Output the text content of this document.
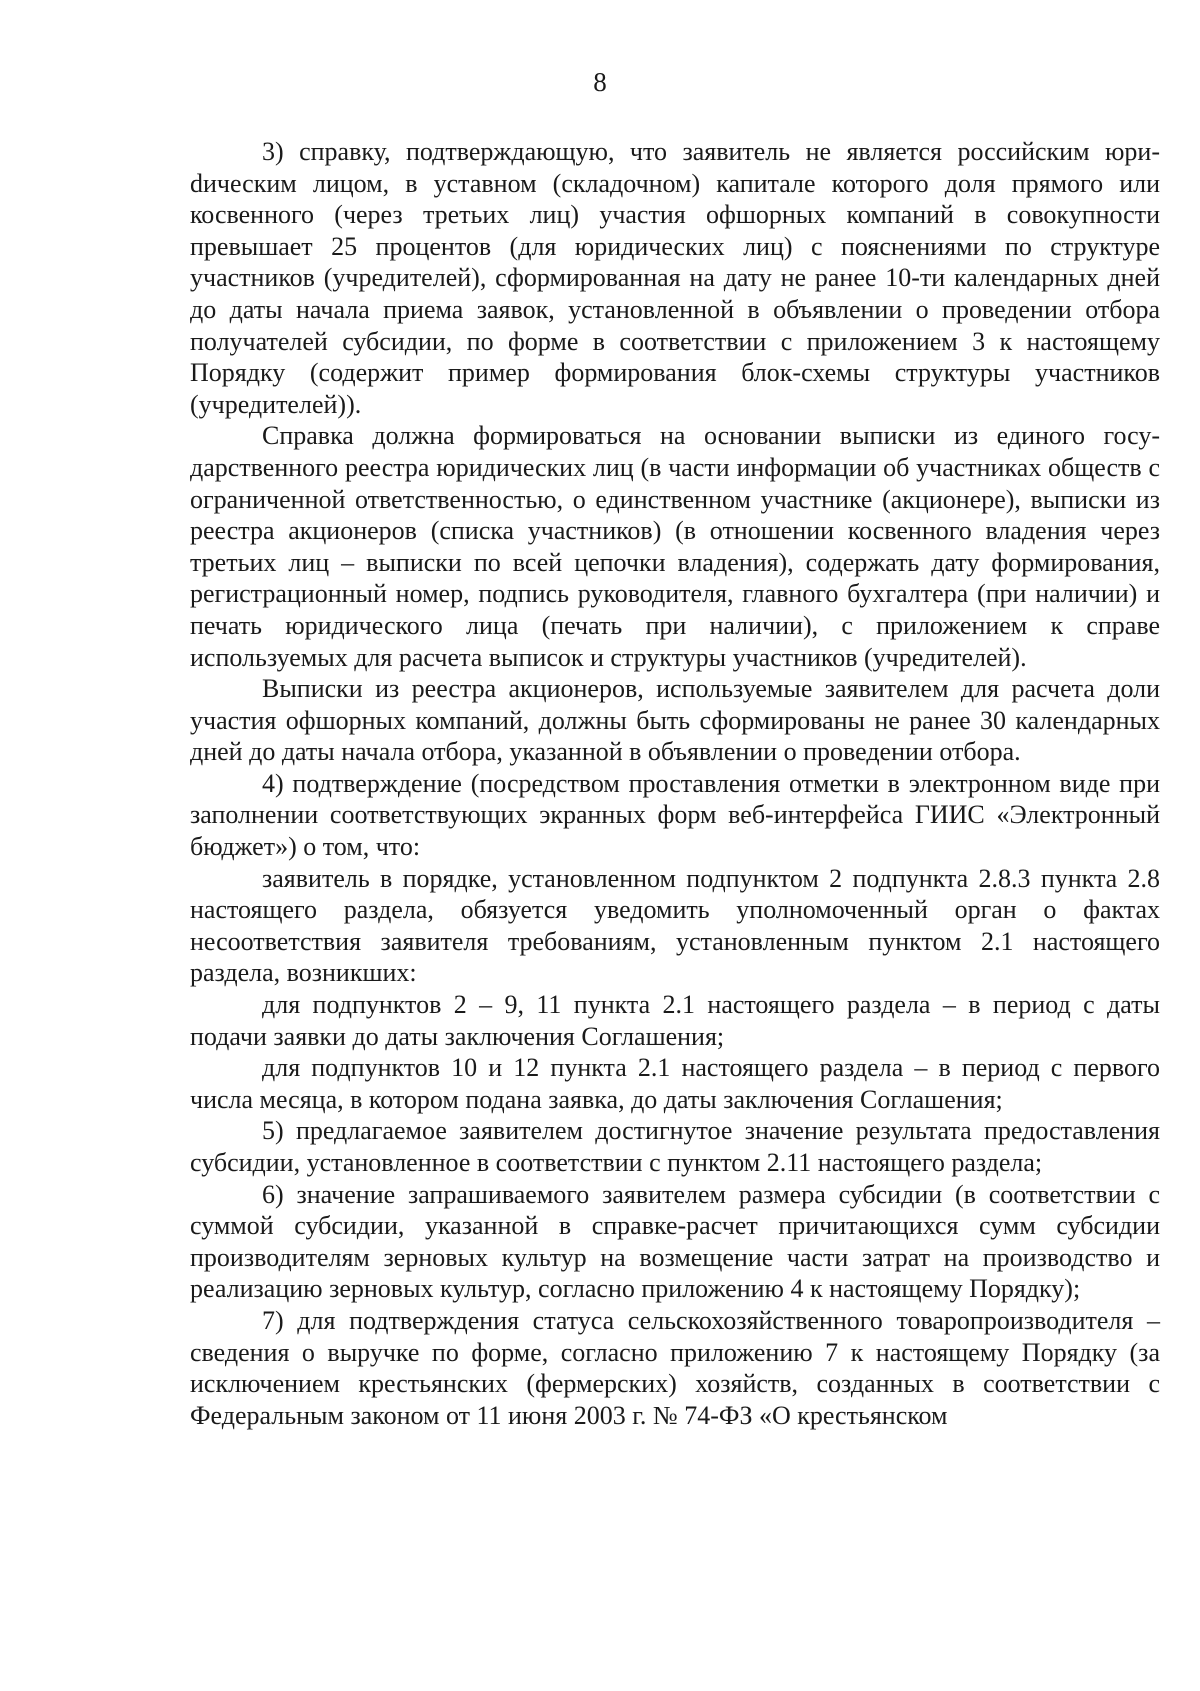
8

3) справку, подтверждающую, что заявитель не является российским юриdическим лицом, в уставном (складочном) капитале которого доля прямого или косвенного (через третьих лиц) участия офшорных компаний в совокупности превышает 25 процентов (для юридических лиц) с пояснениями по структуре участников (учредителей), сформированная на дату не ранее 10-ти календарных дней до даты начала приема заявок, установленной в объявлении о проведении отбора получателей субсидии, по форме в соответствии с приложением 3 к настоящему Порядку (содержит пример формирования блок-схемы структуры участников (учредителей)).

Справка должна формироваться на основании выписки из единого государственного реестра юридических лиц (в части информации об участниках обществ с ограниченной ответственностью, о единственном участнике (акционере), выписки из реестра акционеров (списка участников) (в отношении косвенного владения через третьих лиц – выписки по всей цепочки владения), содержать дату формирования, регистрационный номер, подпись руководителя, главного бухгалтера (при наличии) и печать юридического лица (печать при наличии), с приложением к справе используемых для расчета выписок и структуры участников (учредителей).

Выписки из реестра акционеров, используемые заявителем для расчета доли участия офшорных компаний, должны быть сформированы не ранее 30 календарных дней до даты начала отбора, указанной в объявлении о проведении отбора.

4) подтверждение (посредством проставления отметки в электронном виде при заполнении соответствующих экранных форм веб-интерфейса ГИИС «Электронный бюджет») о том, что:

заявитель в порядке, установленном подпунктом 2 подпункта 2.8.3 пункта 2.8 настоящего раздела, обязуется уведомить уполномоченный орган о фактах несоответствия заявителя требованиям, установленным пунктом 2.1 настоящего раздела, возникших:

для подпунктов 2 – 9, 11 пункта 2.1 настоящего раздела – в период с даты подачи заявки до даты заключения Соглашения;

для подпунктов 10 и 12 пункта 2.1 настоящего раздела – в период с первого числа месяца, в котором подана заявка, до даты заключения Соглашения;

5) предлагаемое заявителем достигнутое значение результата предоставления субсидии, установленное в соответствии с пунктом 2.11 настоящего раздела;

6) значение запрашиваемого заявителем размера субсидии (в соответствии с суммой субсидии, указанной в справке-расчет причитающихся сумм субсидии производителям зерновых культур на возмещение части затрат на производство и реализацию зерновых культур, согласно приложению 4 к настоящему Порядку);

7) для подтверждения статуса сельскохозяйственного товаропроизводителя – сведения о выручке по форме, согласно приложению 7 к настоящему Порядку (за исключением крестьянских (фермерских) хозяйств, созданных в соответствии с Федеральным законом от 11 июня 2003 г. № 74-ФЗ «О крестьянском
